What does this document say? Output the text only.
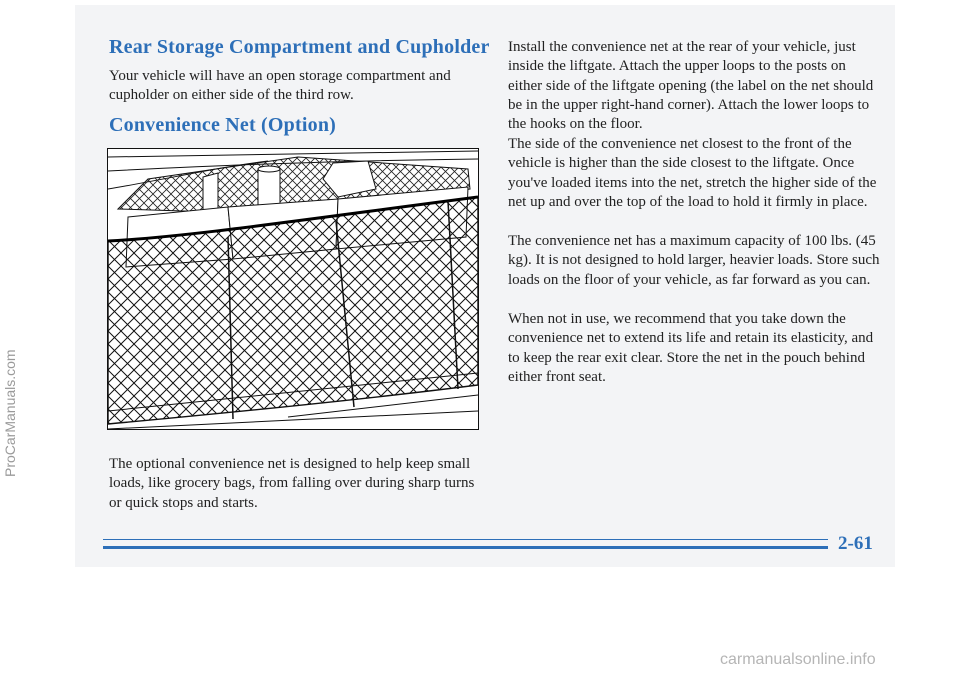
Rear Storage Compartment and Cupholder

Your vehicle will have an open storage compartment and cupholder on either side of the third row.

Convenience Net (Option)

The optional convenience net is designed to help keep small loads, like grocery bags, from falling over during sharp turns or quick stops and starts.

Install the convenience net at the rear of your vehicle, just inside the liftgate. Attach the upper loops to the posts on either side of the liftgate opening (the label on the net should be in the upper right-hand corner). Attach the lower loops to the hooks on the floor.

The side of the convenience net closest to the front of the vehicle is higher than the side closest to the liftgate. Once you've loaded items into the net, stretch the higher side of the net up and over the top of the load to hold it firmly in place.

The convenience net has a maximum capacity of 100 lbs. (45 kg). It is not designed to hold larger, heavier loads. Store such loads on the floor of your vehicle, as far forward as you can.

When not in use, we recommend that you take down the convenience net to extend its life and retain its elasticity, and to keep the rear exit clear. Store the net in the pouch behind either front seat.

2-61
ProCarManuals.com
carmanualsonline.info
